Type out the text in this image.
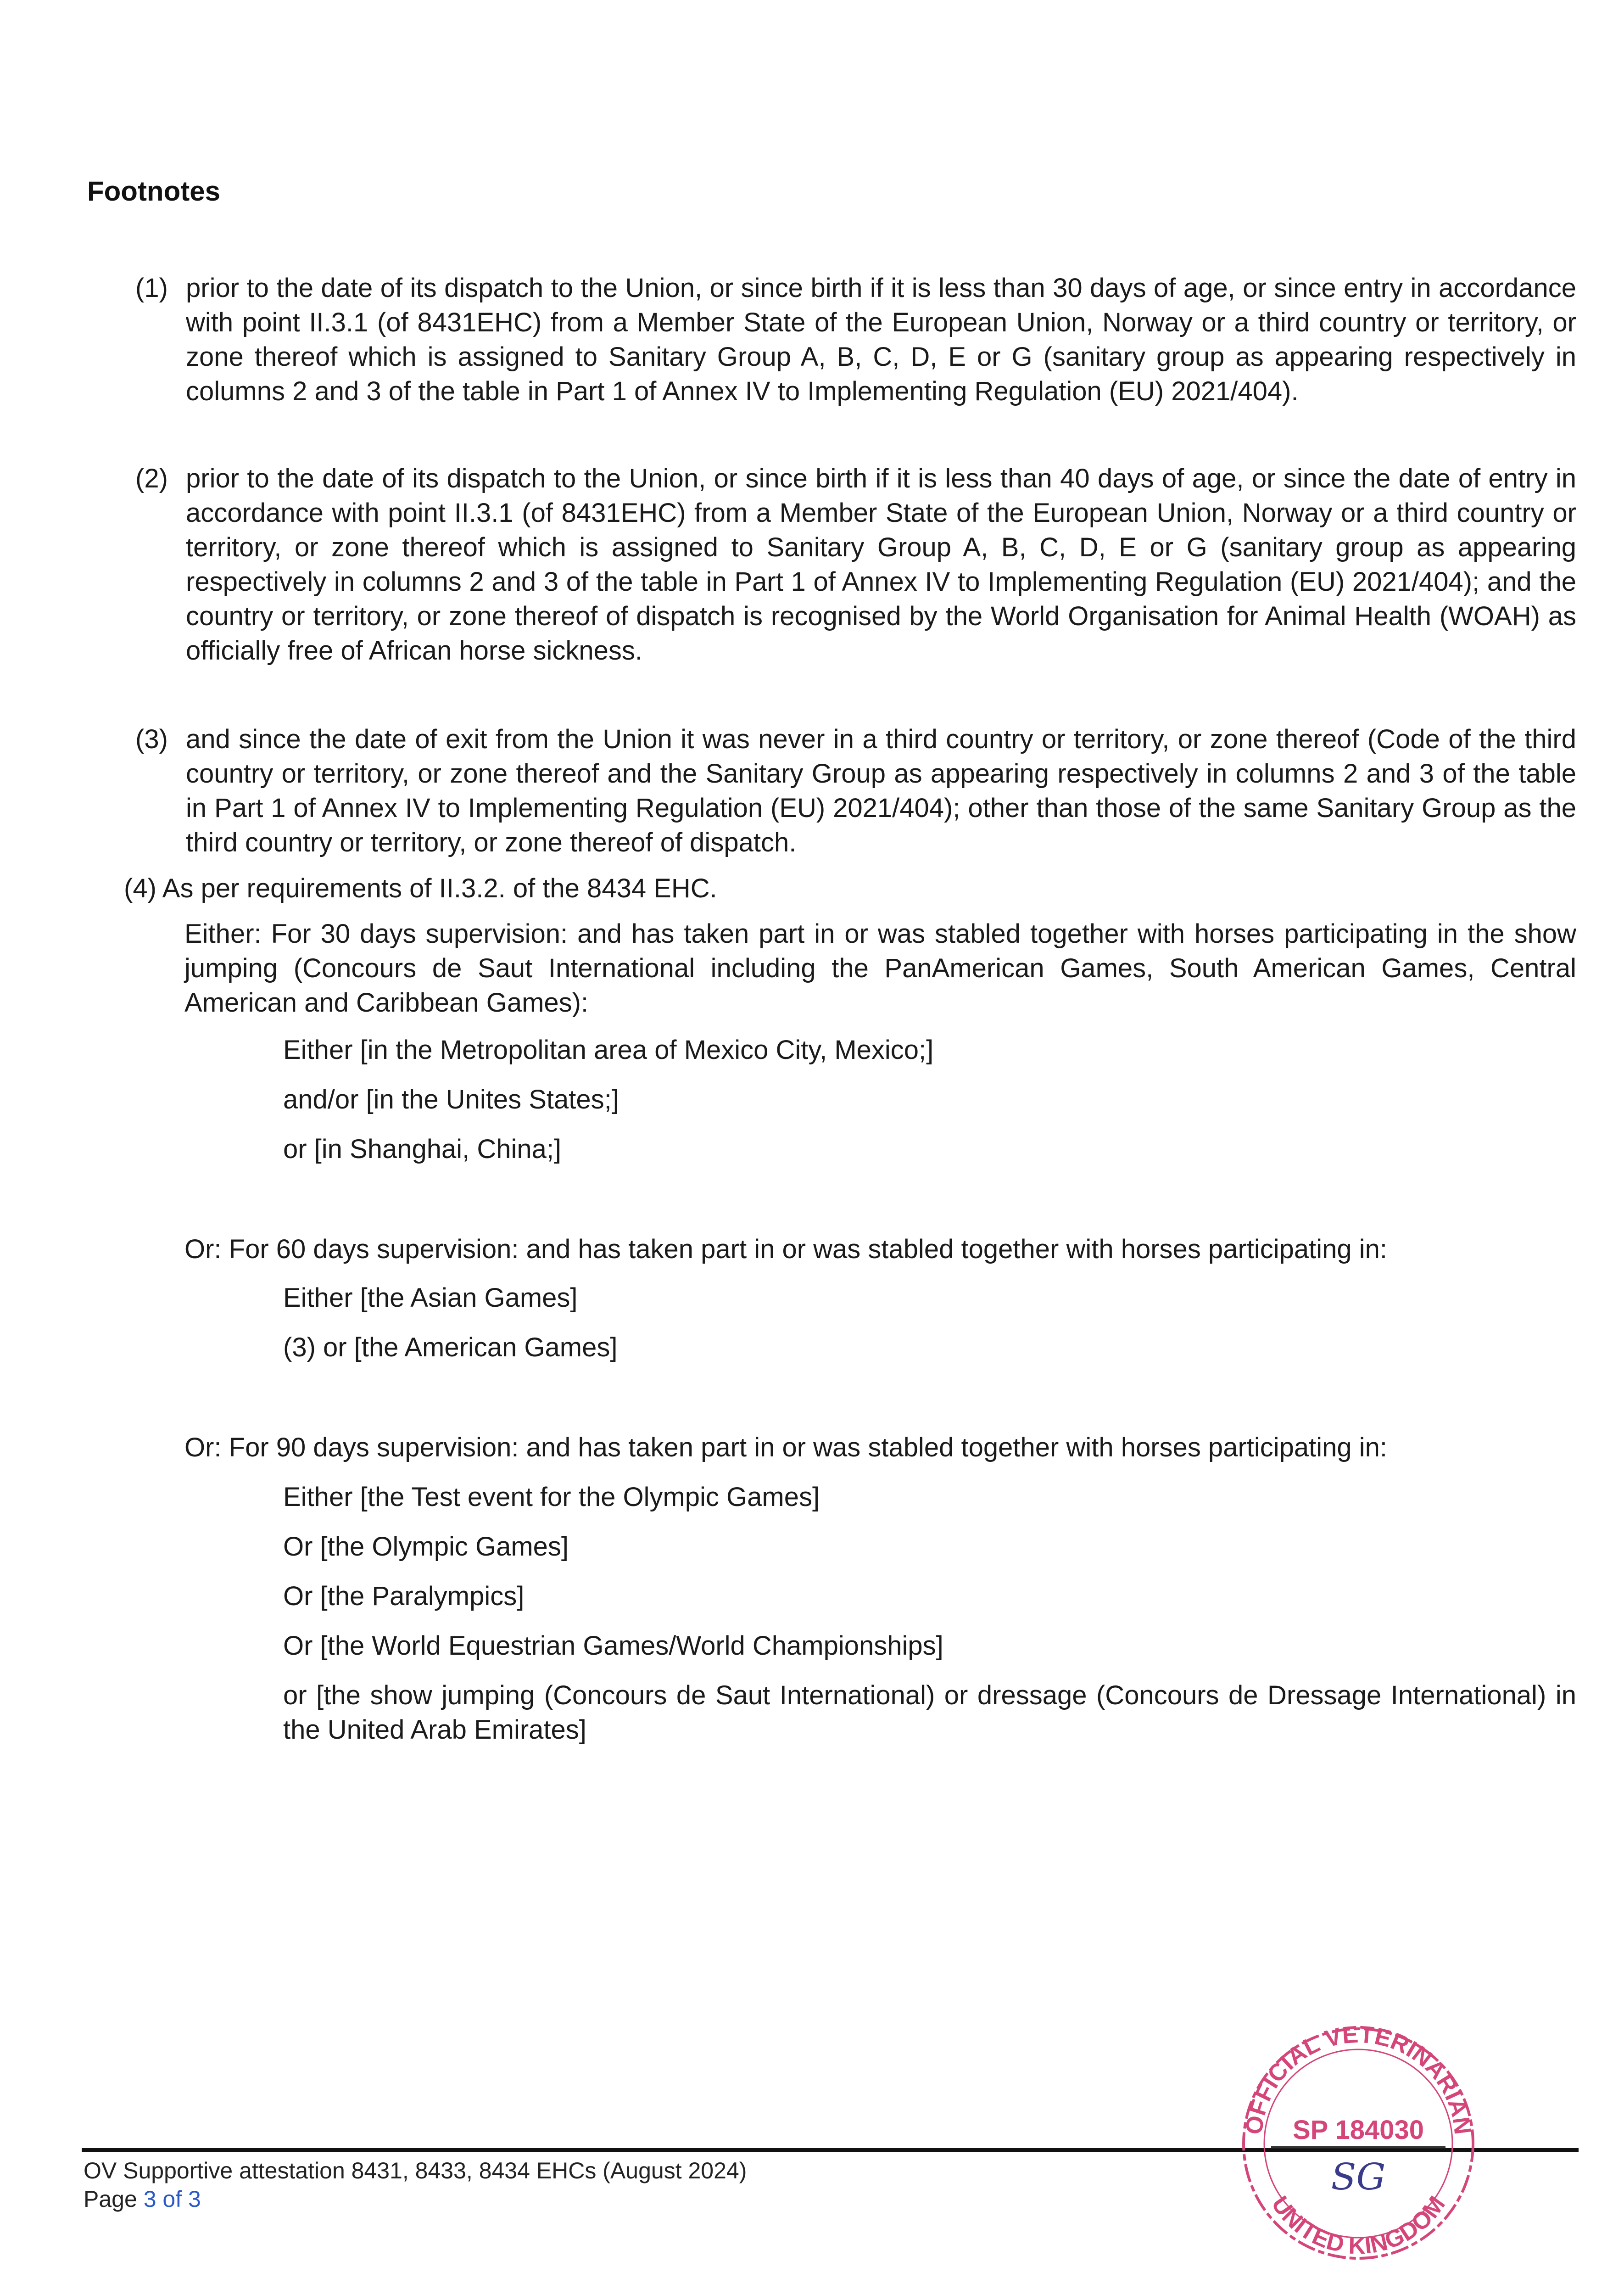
Footnotes
(1) prior to the date of its dispatch to the Union, or since birth if it is less than 30 days of age, or since entry in accordance with point II.3.1 (of 8431EHC) from a Member State of the European Union, Norway or a third country or territory, or zone thereof which is assigned to Sanitary Group A, B, C, D, E or G (sanitary group as appearing respectively in columns 2 and 3 of the table in Part 1 of Annex IV to Implementing Regulation (EU) 2021/404).
(2) prior to the date of its dispatch to the Union, or since birth if it is less than 40 days of age, or since the date of entry in accordance with point II.3.1 (of 8431EHC) from a Member State of the European Union, Norway or a third country or territory, or zone thereof which is assigned to Sanitary Group A, B, C, D, E or G (sanitary group as appearing respectively in columns 2 and 3 of the table in Part 1 of Annex IV to Implementing Regulation (EU) 2021/404); and the country or territory, or zone thereof of dispatch is recognised by the World Organisation for Animal Health (WOAH) as officially free of African horse sickness.
(3) and since the date of exit from the Union it was never in a third country or territory, or zone thereof (Code of the third country or territory, or zone thereof and the Sanitary Group as appearing respectively in columns 2 and 3 of the table in Part 1 of Annex IV to Implementing Regulation (EU) 2021/404); other than those of the same Sanitary Group as the third country or territory, or zone thereof of dispatch.
(4) As per requirements of II.3.2. of the 8434 EHC.
Either: For 30 days supervision: and has taken part in or was stabled together with horses participating in the show jumping (Concours de Saut International including the PanAmerican Games, South American Games, Central American and Caribbean Games):
Either [in the Metropolitan area of Mexico City, Mexico;]
and/or [in the Unites States;]
or [in Shanghai, China;]
Or: For 60 days supervision: and has taken part in or was stabled together with horses participating in:
Either [the Asian Games]
(3) or [the American Games]
Or: For 90 days supervision: and has taken part in or was stabled together with horses participating in:
Either [the Test event for the Olympic Games]
Or [the Olympic Games]
Or [the Paralympics]
Or [the World Equestrian Games/World Championships]
or [the show jumping (Concours de Saut International) or dressage (Concours de Dressage International) in the United Arab Emirates]
OV Supportive attestation 8431, 8433, 8434 EHCs (August 2024)
Page 3 of 3
OFFICIAL VETERINARIAN
UNITED KINGDOM
SP 184030
SG
